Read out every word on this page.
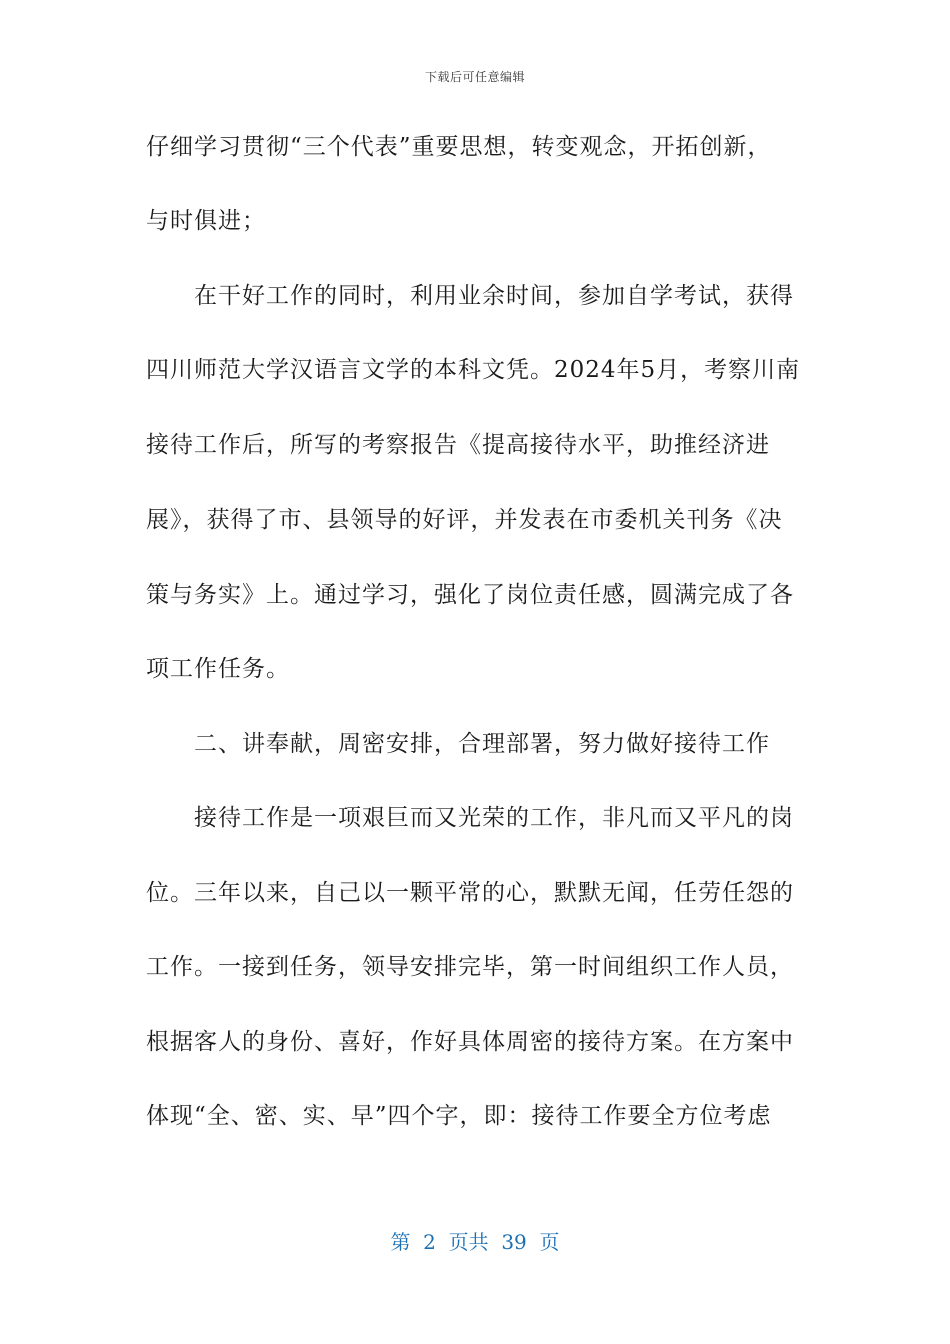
下载后可任意编辑
仔细学习贯彻“三个代表”重要思想，转变观念，开拓创新，
与时俱进；
　　在干好工作的同时，利用业余时间，参加自学考试，获得
四川师范大学汉语言文学的本科文凭。2024年5月，考察川南
接待工作后，所写的考察报告《提高接待水平，助推经济进
展》，获得了市、县领导的好评，并发表在市委机关刊务《决
策与务实》上。通过学习，强化了岗位责任感，圆满完成了各
项工作任务。
　　二、讲奉献，周密安排，合理部署，努力做好接待工作
　　接待工作是一项艰巨而又光荣的工作，非凡而又平凡的岗
位。三年以来，自己以一颗平常的心，默默无闻，任劳任怨的
工作。一接到任务，领导安排完毕，第一时间组织工作人员，
根据客人的身份、喜好，作好具体周密的接待方案。在方案中
体现“全、密、实、早”四个字，即：接待工作要全方位考虑
第  2  页共  39  页
